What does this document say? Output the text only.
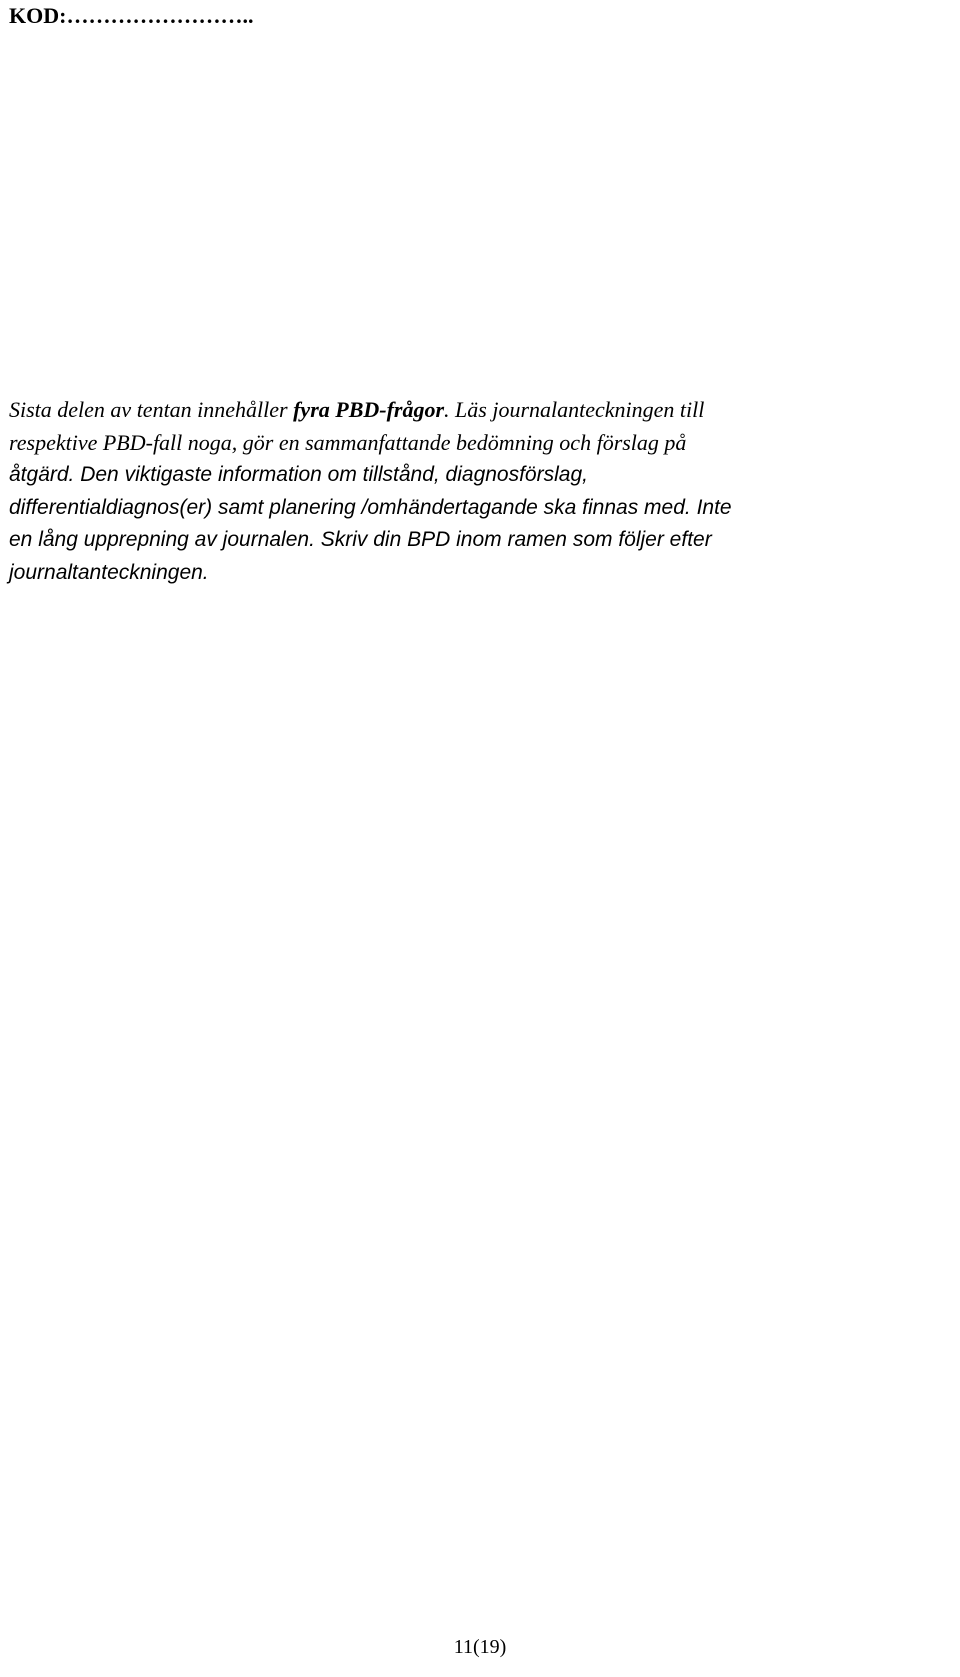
KOD:……………………..

Sista delen av tentan innehåller fyra PBD-frågor. Läs journalanteckningen till
respektive PBD-fall noga, gör en sammanfattande bedömning och förslag på
åtgärd. Den viktigaste information om tillstånd, diagnosförslag,
differentialdiagnos(er) samt planering /omhändertagande ska finnas med. Inte
en lång upprepning av journalen. Skriv din BPD inom ramen som följer efter
journaltanteckningen.

11(19)
